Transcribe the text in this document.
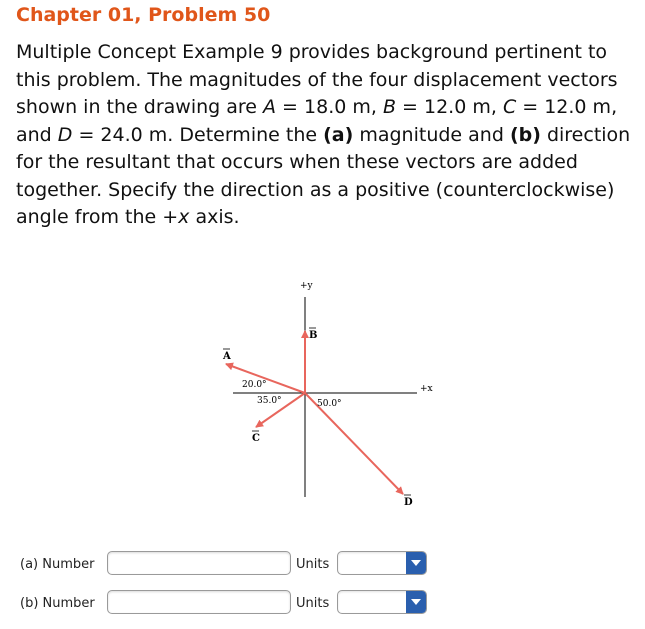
Chapter 01, Problem 50
Multiple Concept Example 9 provides background pertinent to this problem. The magnitudes of the four displacement vectors shown in the drawing are A = 18.0 m, B = 12.0 m, C = 12.0 m, and D = 24.0 m. Determine the (a) magnitude and (b) direction for the resultant that occurs when these vectors are added together. Specify the direction as a positive (counterclockwise) angle from the +x axis.
+y
+x
B
A
C
D
20.0°
35.0°	50.0°
(a) Number	Units
(b) Number	Units
